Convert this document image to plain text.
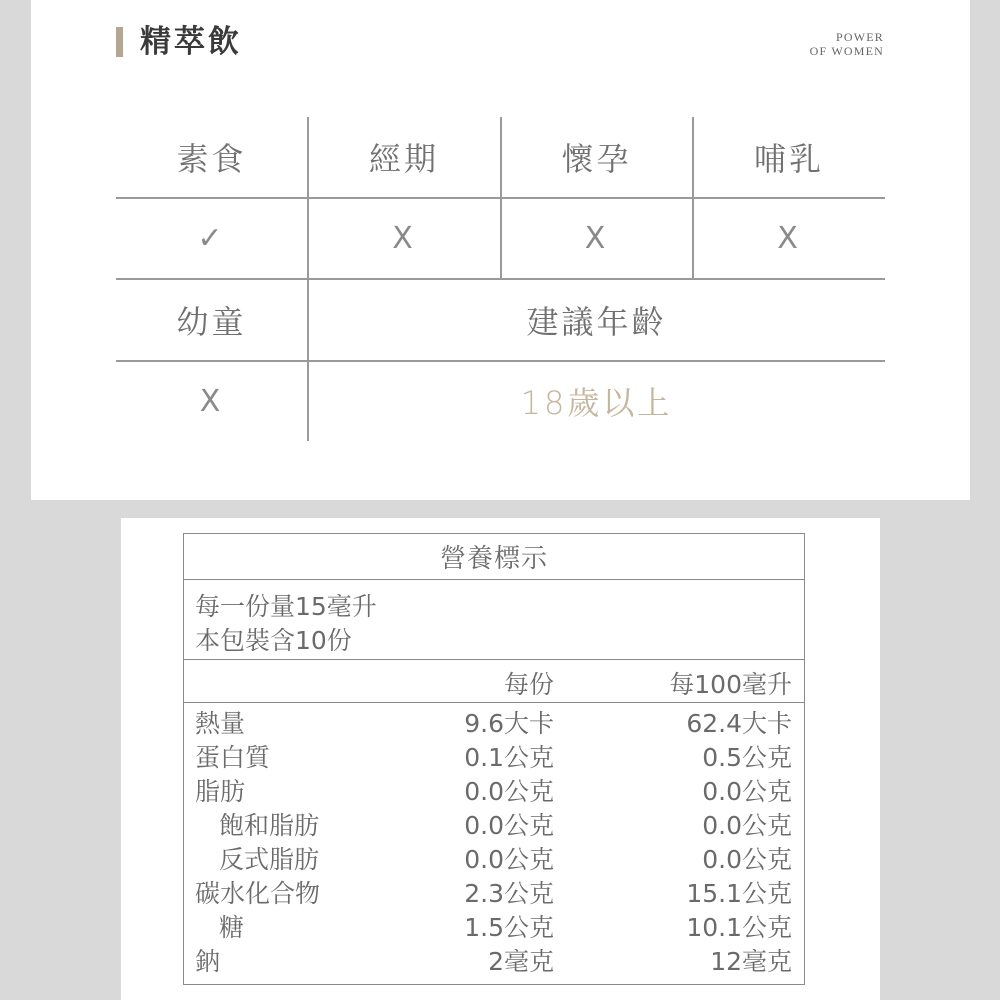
精萃飲	POWER
OF WOMEN
素食	經期	懷孕	哺乳
✓	X	X	X
幼童	建議年齡
X	18歲以上
營養標示
每一份量15毫升
本包裝含10份
每份	每100毫升
熱量	9.6大卡	62.4大卡
蛋白質	0.1公克	0.5公克
脂肪	0.0公克	0.0公克
飽和脂肪	0.0公克	0.0公克
反式脂肪	0.0公克	0.0公克
碳水化合物	2.3公克	15.1公克
糖	1.5公克	10.1公克
鈉	2毫克	12毫克
